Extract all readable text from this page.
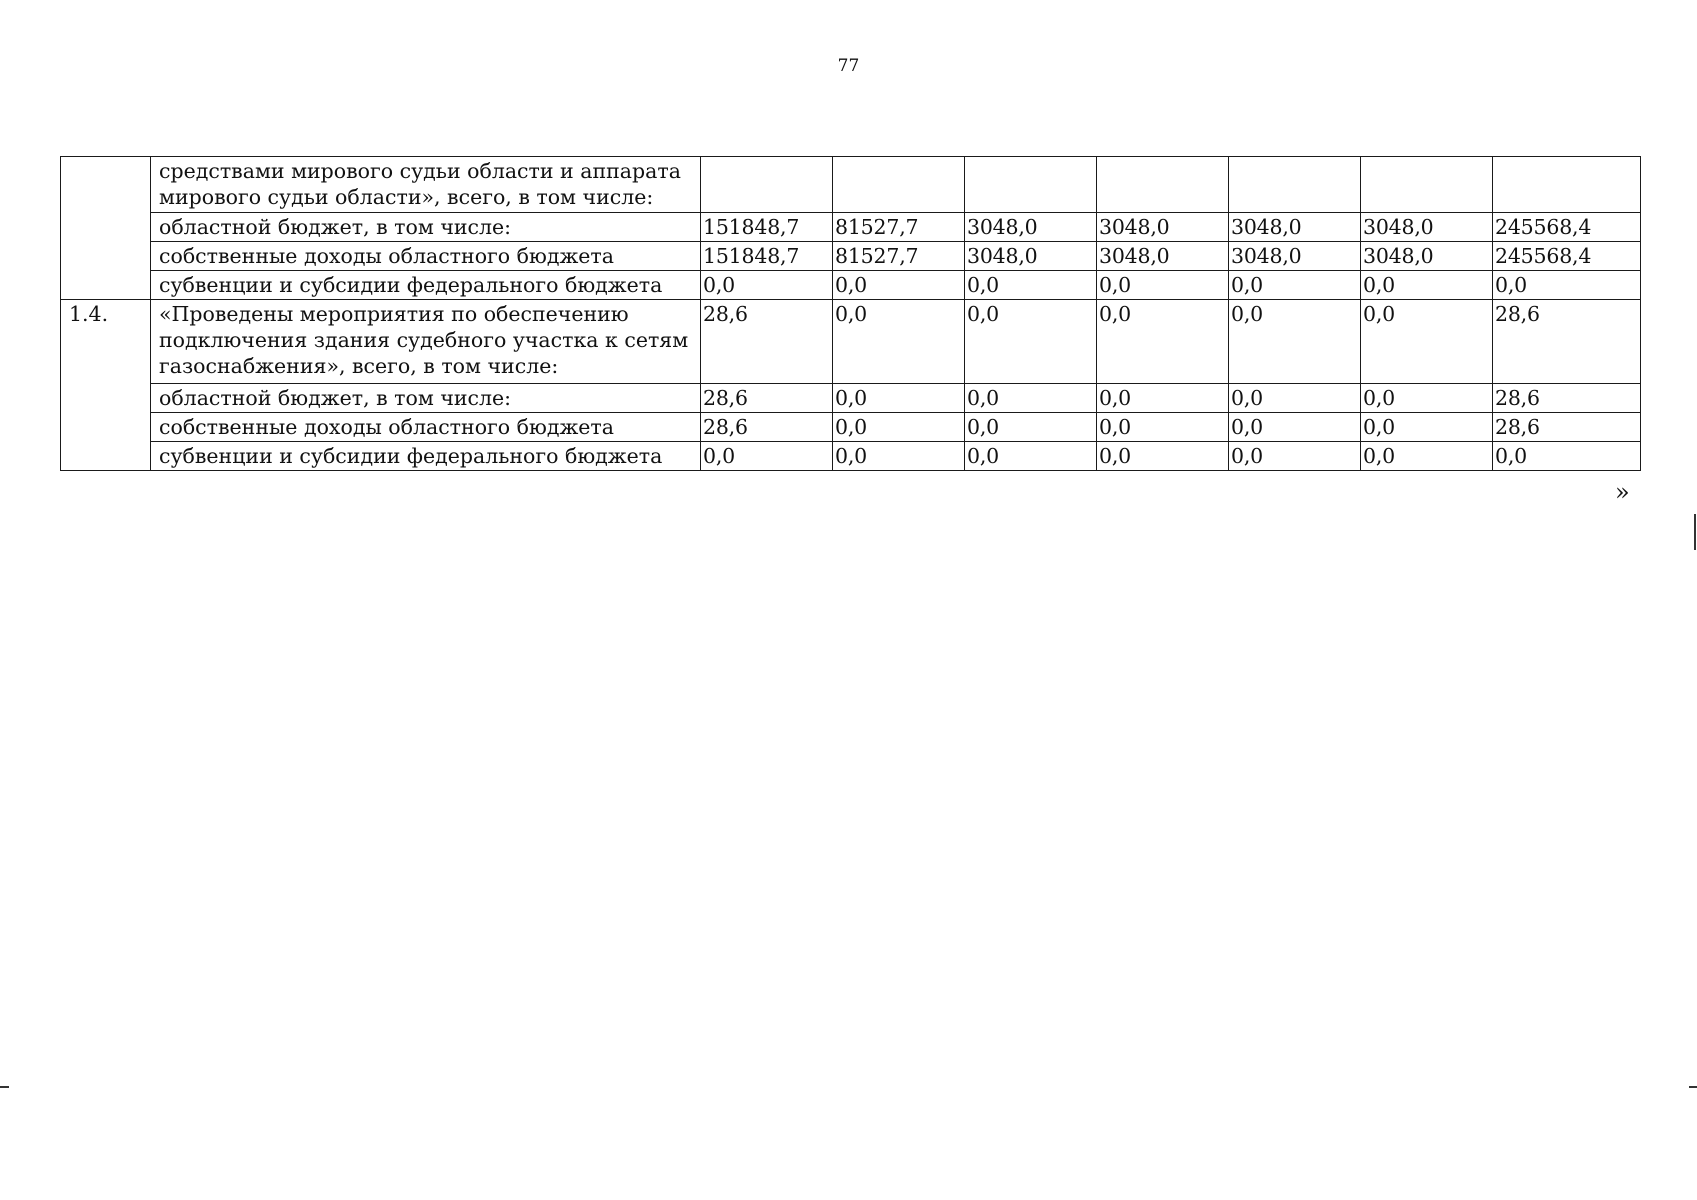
77
	средствами мирового судьи области и аппарата мирового судьи области», всего, в том числе:							
	областной бюджет, в том числе:	151848,7	81527,7	3048,0	3048,0	3048,0	3048,0	245568,4
	собственные доходы областного бюджета	151848,7	81527,7	3048,0	3048,0	3048,0	3048,0	245568,4
	субвенции и субсидии федерального бюджета	0,0	0,0	0,0	0,0	0,0	0,0	0,0
1.4.	«Проведены мероприятия по обеспечению подключения здания судебного участка к сетям газоснабжения», всего, в том числе:	28,6	0,0	0,0	0,0	0,0	0,0	28,6
	областной бюджет, в том числе:	28,6	0,0	0,0	0,0	0,0	0,0	28,6
	собственные доходы областного бюджета	28,6	0,0	0,0	0,0	0,0	0,0	28,6
	субвенции и субсидии федерального бюджета	0,0	0,0	0,0	0,0	0,0	0,0	0,0
»
